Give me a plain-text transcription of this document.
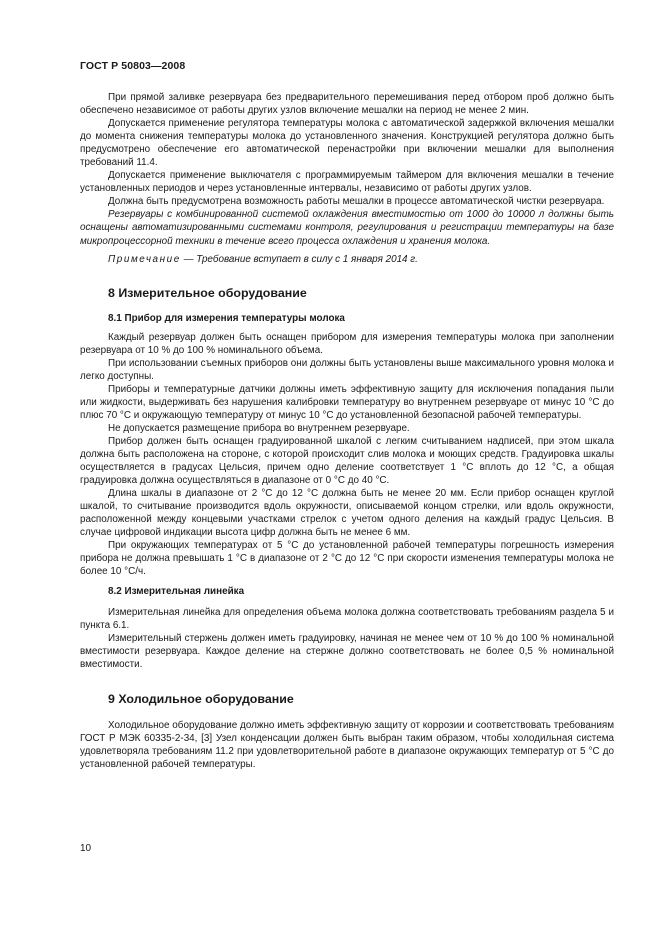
ГОСТ Р 50803—2008

При прямой заливке резервуара без предварительного перемешивания перед отбором проб должно быть обеспечено независимое от работы других узлов включение мешалки на период не менее 2 мин.

Допускается применение регулятора температуры молока с автоматической задержкой включения мешалки до момента снижения температуры молока до установленного значения. Конструкцией регулятора должно быть предусмотрено обеспечение его автоматической перенастройки при включении мешалки для выполнения требований 11.4.

Допускается применение выключателя с программируемым таймером для включения мешалки в течение установленных периодов и через установленные интервалы, независимо от работы других узлов.

Должна быть предусмотрена возможность работы мешалки в процессе автоматической чистки резервуара.

Резервуары с комбинированной системой охлаждения вместимостью от 1000 до 10000 л должны быть оснащены автоматизированными системами контроля, регулирования и регистрации температуры на базе микропроцессорной техники в течение всего процесса охлаждения и хранения молока.

Примечание — Требование вступает в силу с 1 января 2014 г.

8 Измерительное оборудование
8.1 Прибор для измерения температуры молока

Каждый резервуар должен быть оснащен прибором для измерения температуры молока при заполнении резервуара от 10 % до 100 % номинального объема.

При использовании съемных приборов они должны быть установлены выше максимального уровня молока и легко доступны.

Приборы и температурные датчики должны иметь эффективную защиту для исключения попадания пыли или жидкости, выдерживать без нарушения калибровки температуру во внутреннем резервуаре от минус 10 °C до плюс 70 °C и окружающую температуру от минус 10 °C до установленной безопасной рабочей температуры.

Не допускается размещение прибора во внутреннем резервуаре.

Прибор должен быть оснащен градуированной шкалой с легким считыванием надписей, при этом шкала должна быть расположена на стороне, с которой происходит слив молока и моющих средств. Градуировка шкалы осуществляется в градусах Цельсия, причем одно деление соответствует 1 °C вплоть до 12 °C, а общая градуировка должна осуществляться в диапазоне от 0 °C до 40 °C.

Длина шкалы в диапазоне от 2 °C до 12 °C должна быть не менее 20 мм. Если прибор оснащен круглой шкалой, то считывание производится вдоль окружности, описываемой концом стрелки, или вдоль окружности, расположенной между концевыми участками стрелок с учетом одного деления на каждый градус Цельсия. В случае цифровой индикации высота цифр должна быть не менее 6 мм.

При окружающих температурах от 5 °C до установленной рабочей температуры погрешность измерения прибора не должна превышать 1 °C в диапазоне от 2 °C до 12 °C при скорости изменения температуры молока не более 10 °C/ч.

8.2 Измерительная линейка

Измерительная линейка для определения объема молока должна соответствовать требованиям раздела 5 и пункта 6.1.

Измерительный стержень должен иметь градуировку, начиная не менее чем от 10 % до 100 % номинальной вместимости резервуара. Каждое деление на стержне должно соответствовать не более 0,5 % номинальной вместимости.

9 Холодильное оборудование

Холодильное оборудование должно иметь эффективную защиту от коррозии и соответствовать требованиям ГОСТ Р МЭК 60335-2-34, [3] Узел конденсации должен быть выбран таким образом, чтобы холодильная система удовлетворяла требованиям 11.2 при удовлетворительной работе в диапазоне окружающих температур от 5 °C до установленной рабочей температуры.

10
